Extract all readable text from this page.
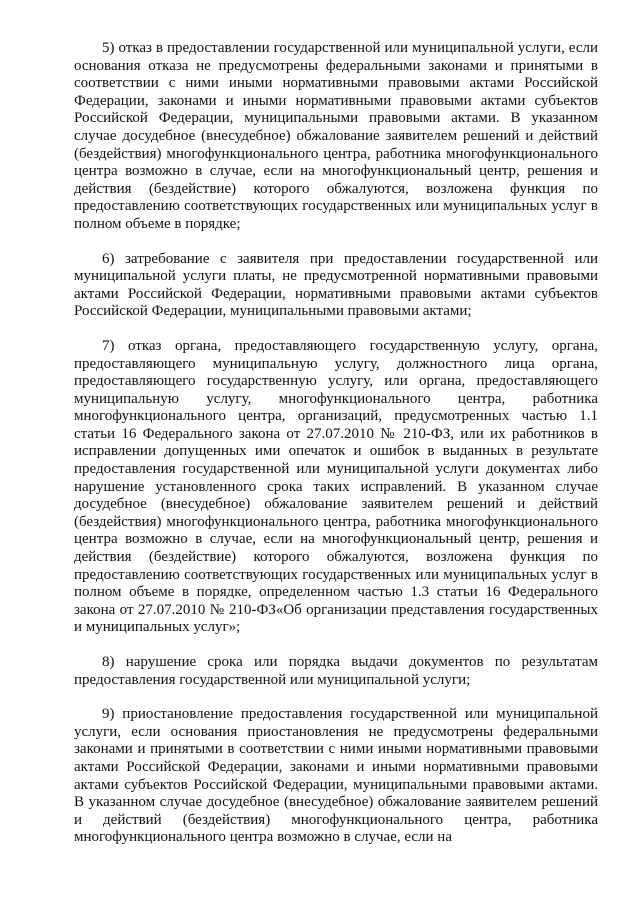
5) отказ в предоставлении государственной или муниципальной услуги, если основания отказа не предусмотрены федеральными законами и принятыми в соответствии с ними иными нормативными правовыми актами Российской Федерации, законами и иными нормативными правовыми актами субъектов Российской Федерации, муниципальными правовыми актами. В указанном случае досудебное (внесудебное) обжалование заявителем решений и действий (бездействия) многофункционального центра, работника многофункционального центра возможно в случае, если на многофункциональный центр, решения и действия (бездействие) которого обжалуются, возложена функция по предоставлению соответствующих государственных или муниципальных услуг в полном объеме в порядке;

6) затребование с заявителя при предоставлении государственной или муниципальной услуги платы, не предусмотренной нормативными правовыми актами Российской Федерации, нормативными правовыми актами субъектов Российской Федерации, муниципальными правовыми актами;

7) отказ органа, предоставляющего государственную услугу, органа, предоставляющего муниципальную услугу, должностного лица органа, предоставляющего государственную услугу, или органа, предоставляющего муниципальную услугу, многофункционального центра, работника многофункционального центра, организаций, предусмотренных частью 1.1 статьи 16 Федерального закона от 27.07.2010 № 210-ФЗ, или их работников в исправлении допущенных ими опечаток и ошибок в выданных в результате предоставления государственной или муниципальной услуги документах либо нарушение установленного срока таких исправлений. В указанном случае досудебное (внесудебное) обжалование заявителем решений и действий (бездействия) многофункционального центра, работника многофункционального центра возможно в случае, если на многофункциональный центр, решения и действия (бездействие) которого обжалуются, возложена функция по предоставлению соответствующих государственных или муниципальных услуг в полном объеме в порядке, определенном частью 1.3 статьи 16 Федерального закона от 27.07.2010 № 210-ФЗ«Об организации представления государственных и муниципальных услуг»;

8) нарушение срока или порядка выдачи документов по результатам предоставления государственной или муниципальной услуги;

9) приостановление предоставления государственной или муниципальной услуги, если основания приостановления не предусмотрены федеральными законами и принятыми в соответствии с ними иными нормативными правовыми актами Российской Федерации, законами и иными нормативными правовыми актами субъектов Российской Федерации, муниципальными правовыми актами. В указанном случае досудебное (внесудебное) обжалование заявителем решений и действий (бездействия) многофункционального центра, работника многофункционального центра возможно в случае, если на
